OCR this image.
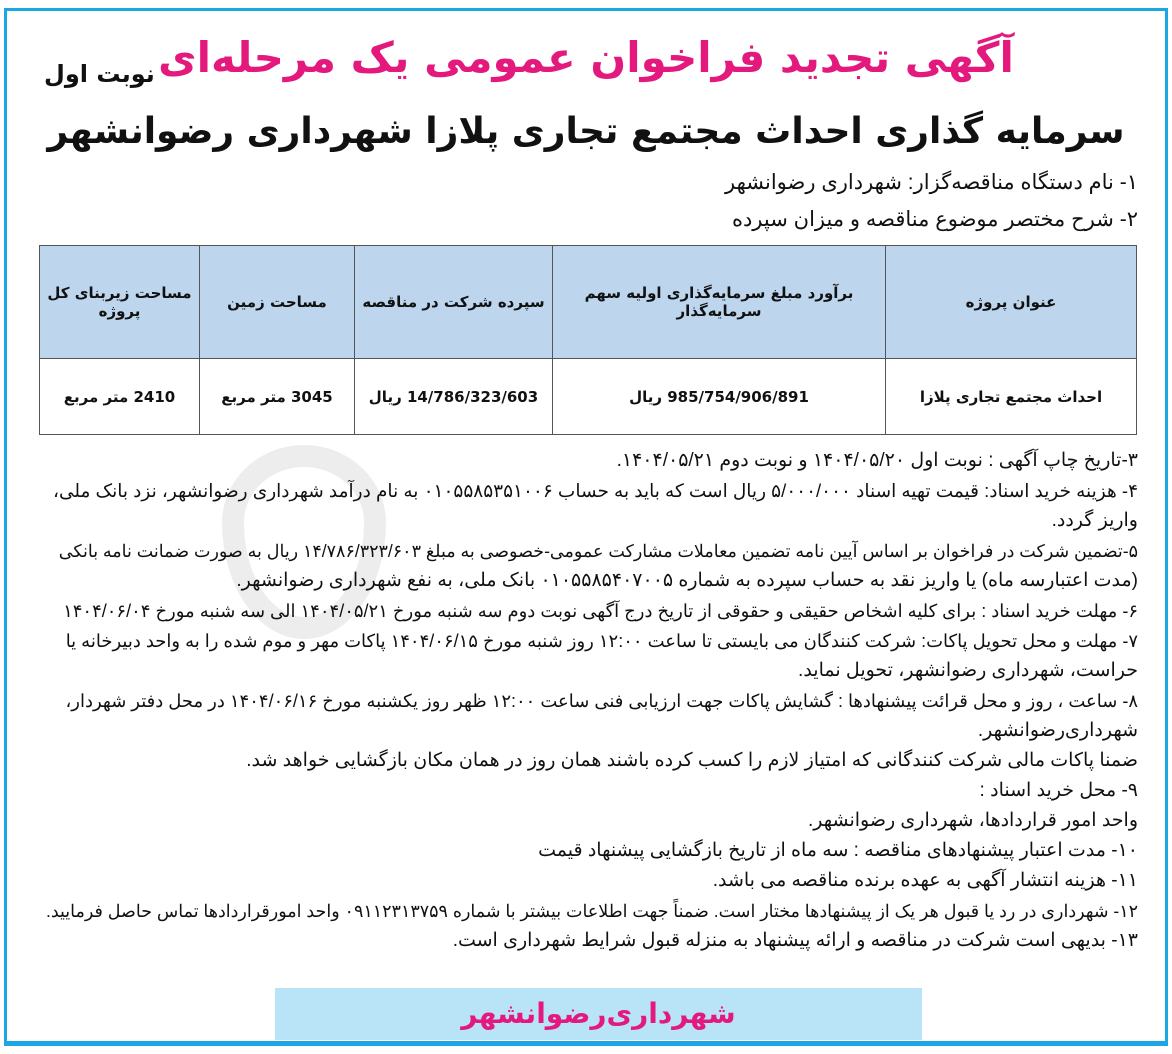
آگهی تجدید فراخوان عمومی یک مرحله‌ای
نوبت اول
سرمایه گذاری احداث مجتمع تجاری پلازا شهرداری رضوانشهر
۱- نام دستگاه مناقصه‌گزار: شهرداری رضوانشهر
۲- شرح مختصر موضوع مناقصه و میزان سپرده
عنوان پروژه	برآورد مبلغ سرمایه‌گذاری اولیه سهم سرمایه‌گذار	سپرده شرکت در مناقصه	مساحت زمین	مساحت زیربنای کل پروژه
احداث مجتمع تجاری پلازا	985/754/906/891 ریال	14/786/323/603 ریال	3045 متر مربع	2410 متر مربع
۳-تاریخ چاپ آگهی : نوبت اول ۱۴۰۴/۰۵/۲۰ و نوبت دوم ۱۴۰۴/۰۵/۲۱.
۴- هزینه خرید اسناد: قیمت تهیه اسناد ۵/۰۰۰/۰۰۰ ریال است که باید به حساب ۰۱۰۵۵۸۵۳۵۱۰۰۶ به نام درآمد شهرداری رضوانشهر، نزد بانک ملی،
واریز گردد.
۵-تضمین شرکت در فراخوان بر اساس آیین نامه تضمین معاملات مشارکت عمومی-خصوصی به مبلغ ۱۴/۷۸۶/۳۲۳/۶۰۳ ریال به صورت ضمانت نامه بانکی
(مدت اعتبارسه ماه) یا واریز نقد به حساب سپرده به شماره ۰۱۰۵۵۸۵۴۰۷۰۰۵ بانک ملی، به نفع شهرداری رضوانشهر.
۶- مهلت خرید اسناد : برای کلیه اشخاص حقیقی و حقوقی از تاریخ درج آگهی نوبت دوم سه شنبه مورخ ۱۴۰۴/۰۵/۲۱ الی سه شنبه مورخ ۱۴۰۴/۰۶/۰۴
۷- مهلت و محل تحویل پاکات: شرکت کنندگان می بایستی تا ساعت ۱۲:۰۰ روز شنبه مورخ ۱۴۰۴/۰۶/۱۵ پاکات مهر و موم شده را به واحد دبیرخانه یا
حراست، شهرداری رضوانشهر، تحویل نماید.
۸- ساعت ، روز و محل قرائت پیشنهادها : گشایش پاکات جهت ارزیابی فنی ساعت ۱۲:۰۰ ظهر روز یکشنبه مورخ ۱۴۰۴/۰۶/۱۶ در محل دفتر شهردار،
شهرداری‌رضوانشهر.
ضمنا پاکات مالی شرکت کنندگانی که امتیاز لازم را کسب کرده باشند همان روز در همان مکان بازگشایی خواهد شد.
۹- محل خرید اسناد :
واحد امور قراردادها، شهرداری رضوانشهر.
۱۰- مدت اعتبار پیشنهادهای مناقصه : سه ماه از تاریخ بازگشایی پیشنهاد قیمت
۱۱- هزینه انتشار آگهی به عهده برنده مناقصه می باشد.
۱۲- شهرداری در رد یا قبول هر یک از پیشنهادها مختار است. ضمناً جهت اطلاعات بیشتر با شماره ۰۹۱۱۲۳۱۳۷۵۹ واحد امورقراردادها تماس حاصل فرمایید.
۱۳- بدیهی است شرکت در مناقصه و ارائه پیشنهاد به منزله قبول شرایط شهرداری است.
شهرداری‌رضوانشهر
